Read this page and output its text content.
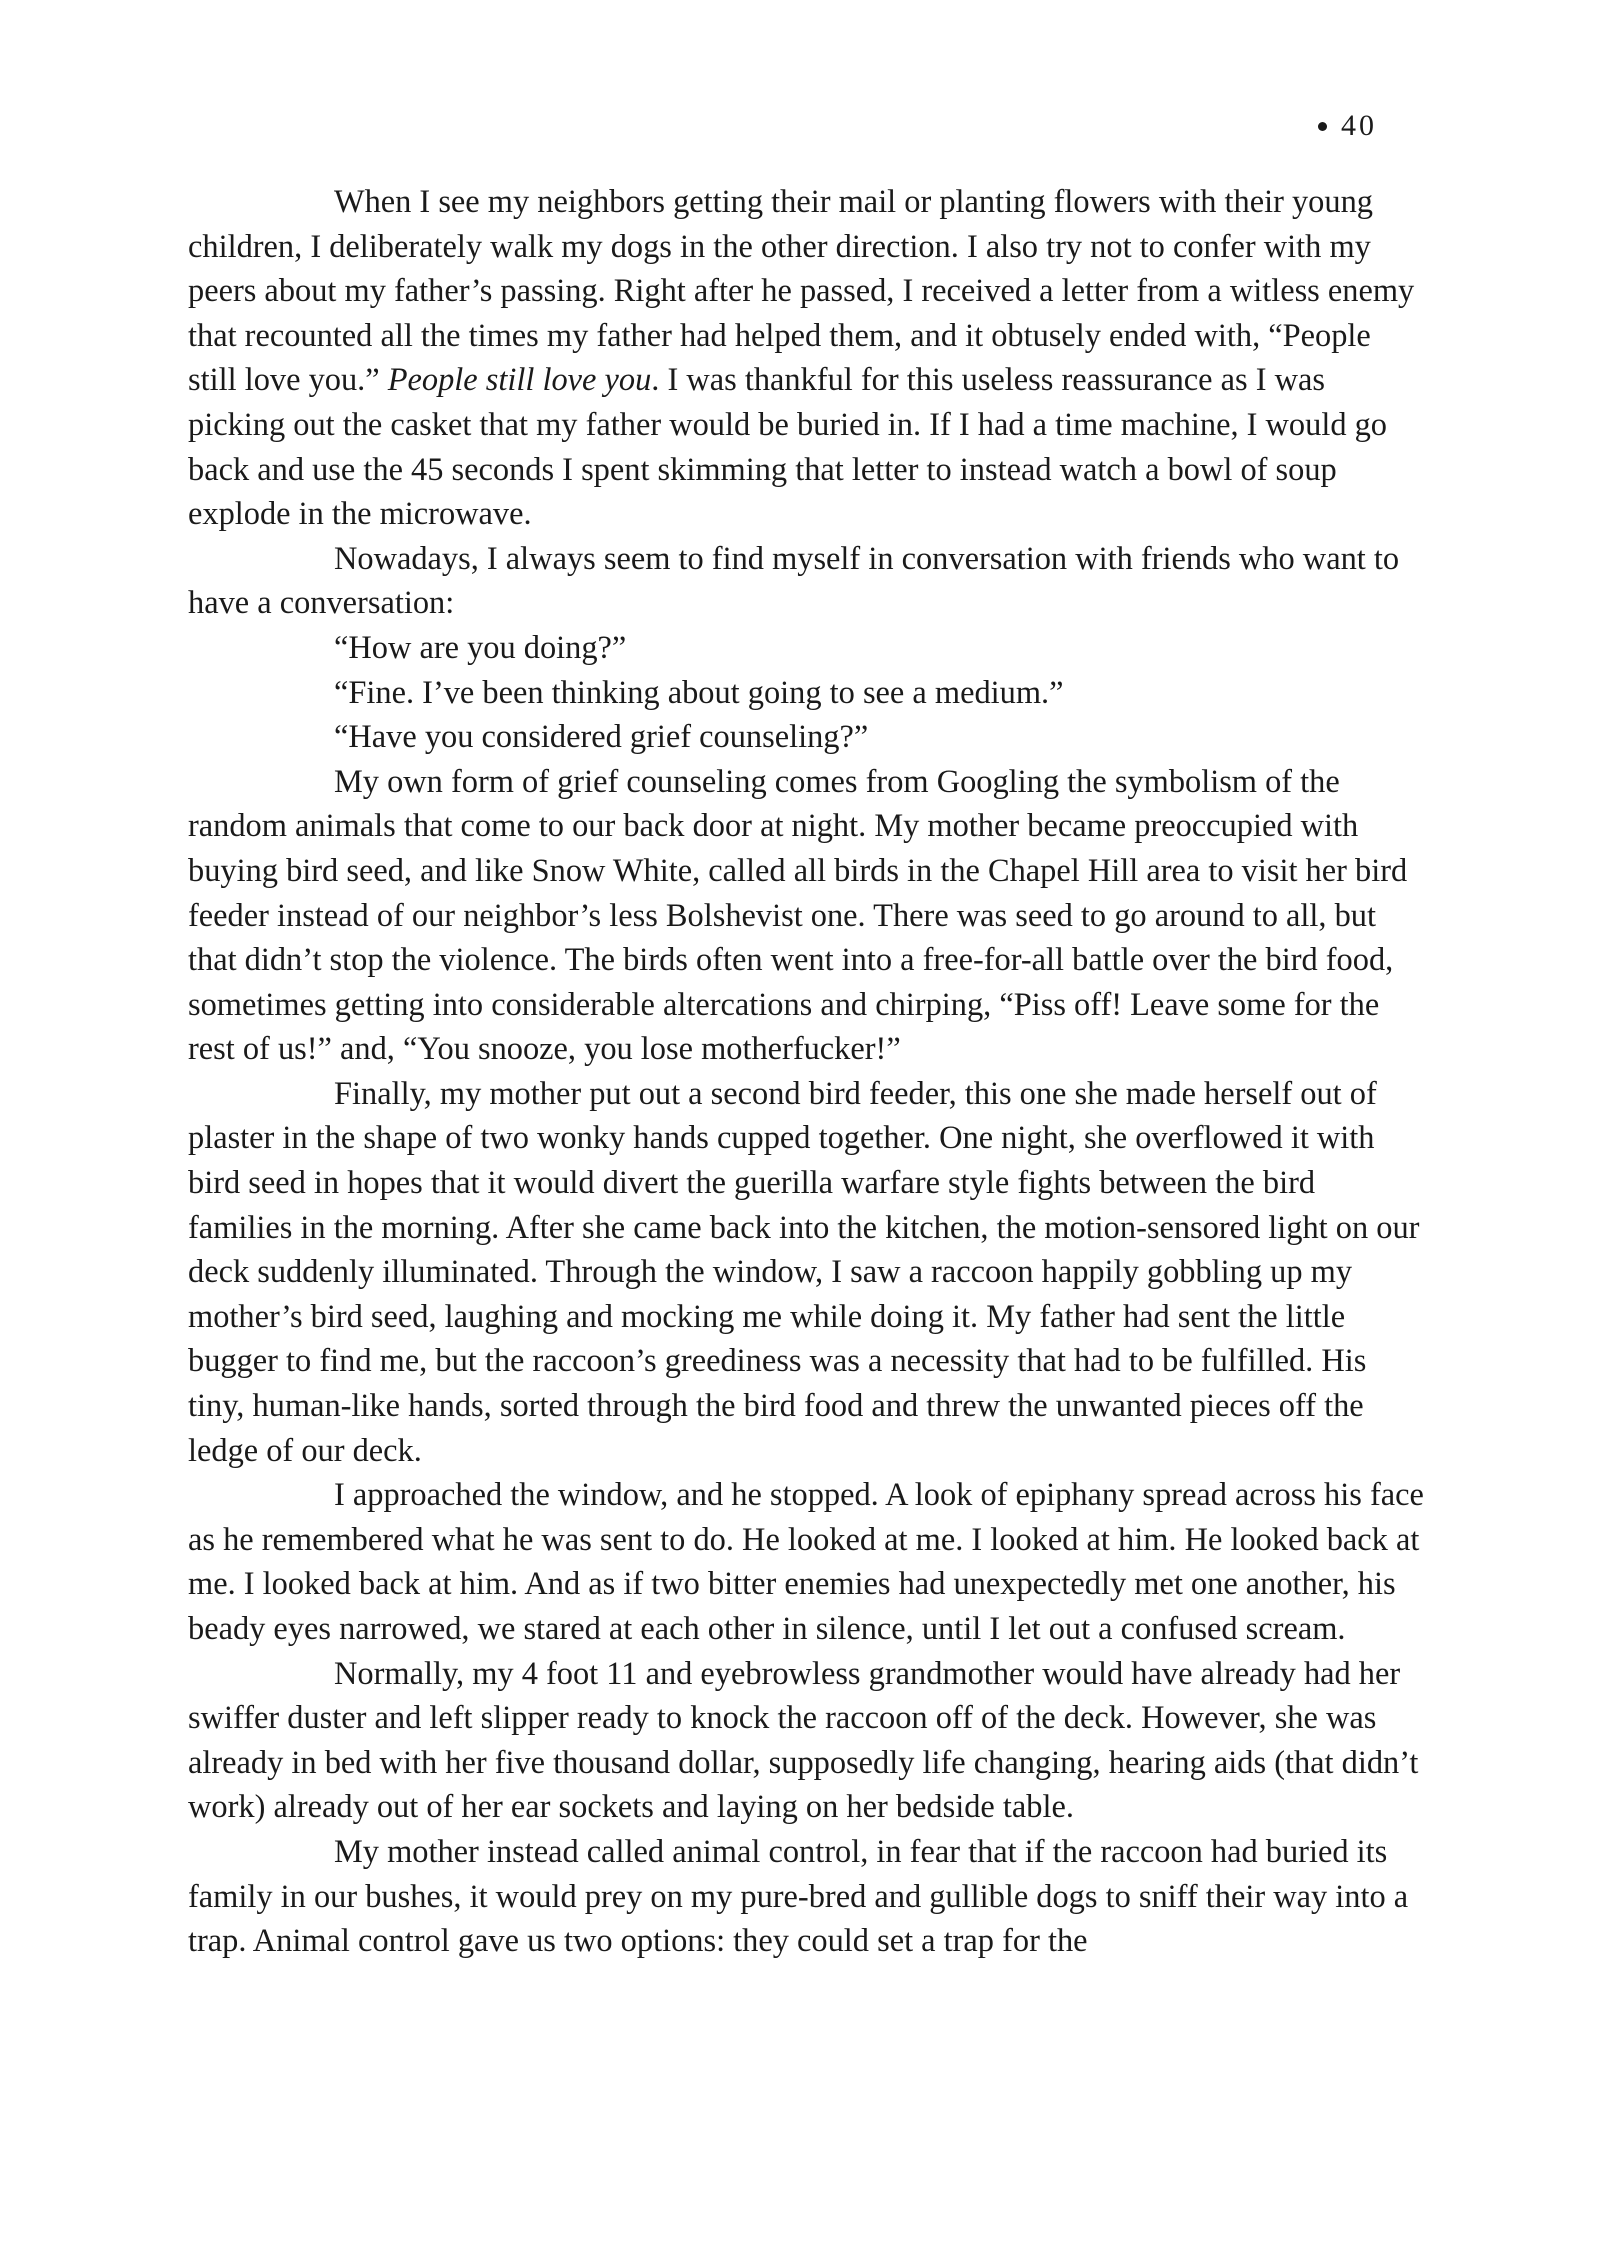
40

When I see my neighbors getting their mail or planting flowers with their young children, I deliberately walk my dogs in the other direction. I also try not to confer with my peers about my father’s passing. Right after he passed, I received a letter from a witless enemy that recounted all the times my father had helped them, and it obtusely ended with, “People still love you.” People still love you. I was thankful for this useless reassurance as I was picking out the casket that my father would be buried in. If I had a time machine, I would go back and use the 45 seconds I spent skimming that letter to instead watch a bowl of soup explode in the microwave.

Nowadays, I always seem to find myself in conversation with friends who want to have a conversation:

“How are you doing?”

“Fine. I’ve been thinking about going to see a medium.”

“Have you considered grief counseling?”

My own form of grief counseling comes from Googling the symbolism of the random animals that come to our back door at night. My mother became preoccupied with buying bird seed, and like Snow White, called all birds in the Chapel Hill area to visit her bird feeder instead of our neighbor’s less Bolshevist one. There was seed to go around to all, but that didn’t stop the violence. The birds often went into a free-for-all battle over the bird food, sometimes getting into considerable altercations and chirping, “Piss off! Leave some for the rest of us!” and, “You snooze, you lose motherfucker!”

Finally, my mother put out a second bird feeder, this one she made herself out of plaster in the shape of two wonky hands cupped together. One night, she overflowed it with bird seed in hopes that it would divert the guerilla warfare style fights between the bird families in the morning. After she came back into the kitchen, the motion-sensored light on our deck suddenly illuminated. Through the window, I saw a raccoon happily gobbling up my mother’s bird seed, laughing and mocking me while doing it. My father had sent the little bugger to find me, but the raccoon’s greediness was a necessity that had to be fulfilled. His tiny, human-like hands, sorted through the bird food and threw the unwanted pieces off the ledge of our deck.

I approached the window, and he stopped. A look of epiphany spread across his face as he remembered what he was sent to do. He looked at me. I looked at him. He looked back at me. I looked back at him. And as if two bitter enemies had unexpectedly met one another, his beady eyes narrowed, we stared at each other in silence, until I let out a confused scream.

Normally, my 4 foot 11 and eyebrowless grandmother would have already had her swiffer duster and left slipper ready to knock the raccoon off of the deck. However, she was already in bed with her five thousand dollar, supposedly life changing, hearing aids (that didn’t work) already out of her ear sockets and laying on her bedside table.

My mother instead called animal control, in fear that if the raccoon had buried its family in our bushes, it would prey on my pure-bred and gullible dogs to sniff their way into a trap. Animal control gave us two options: they could set a trap for the
